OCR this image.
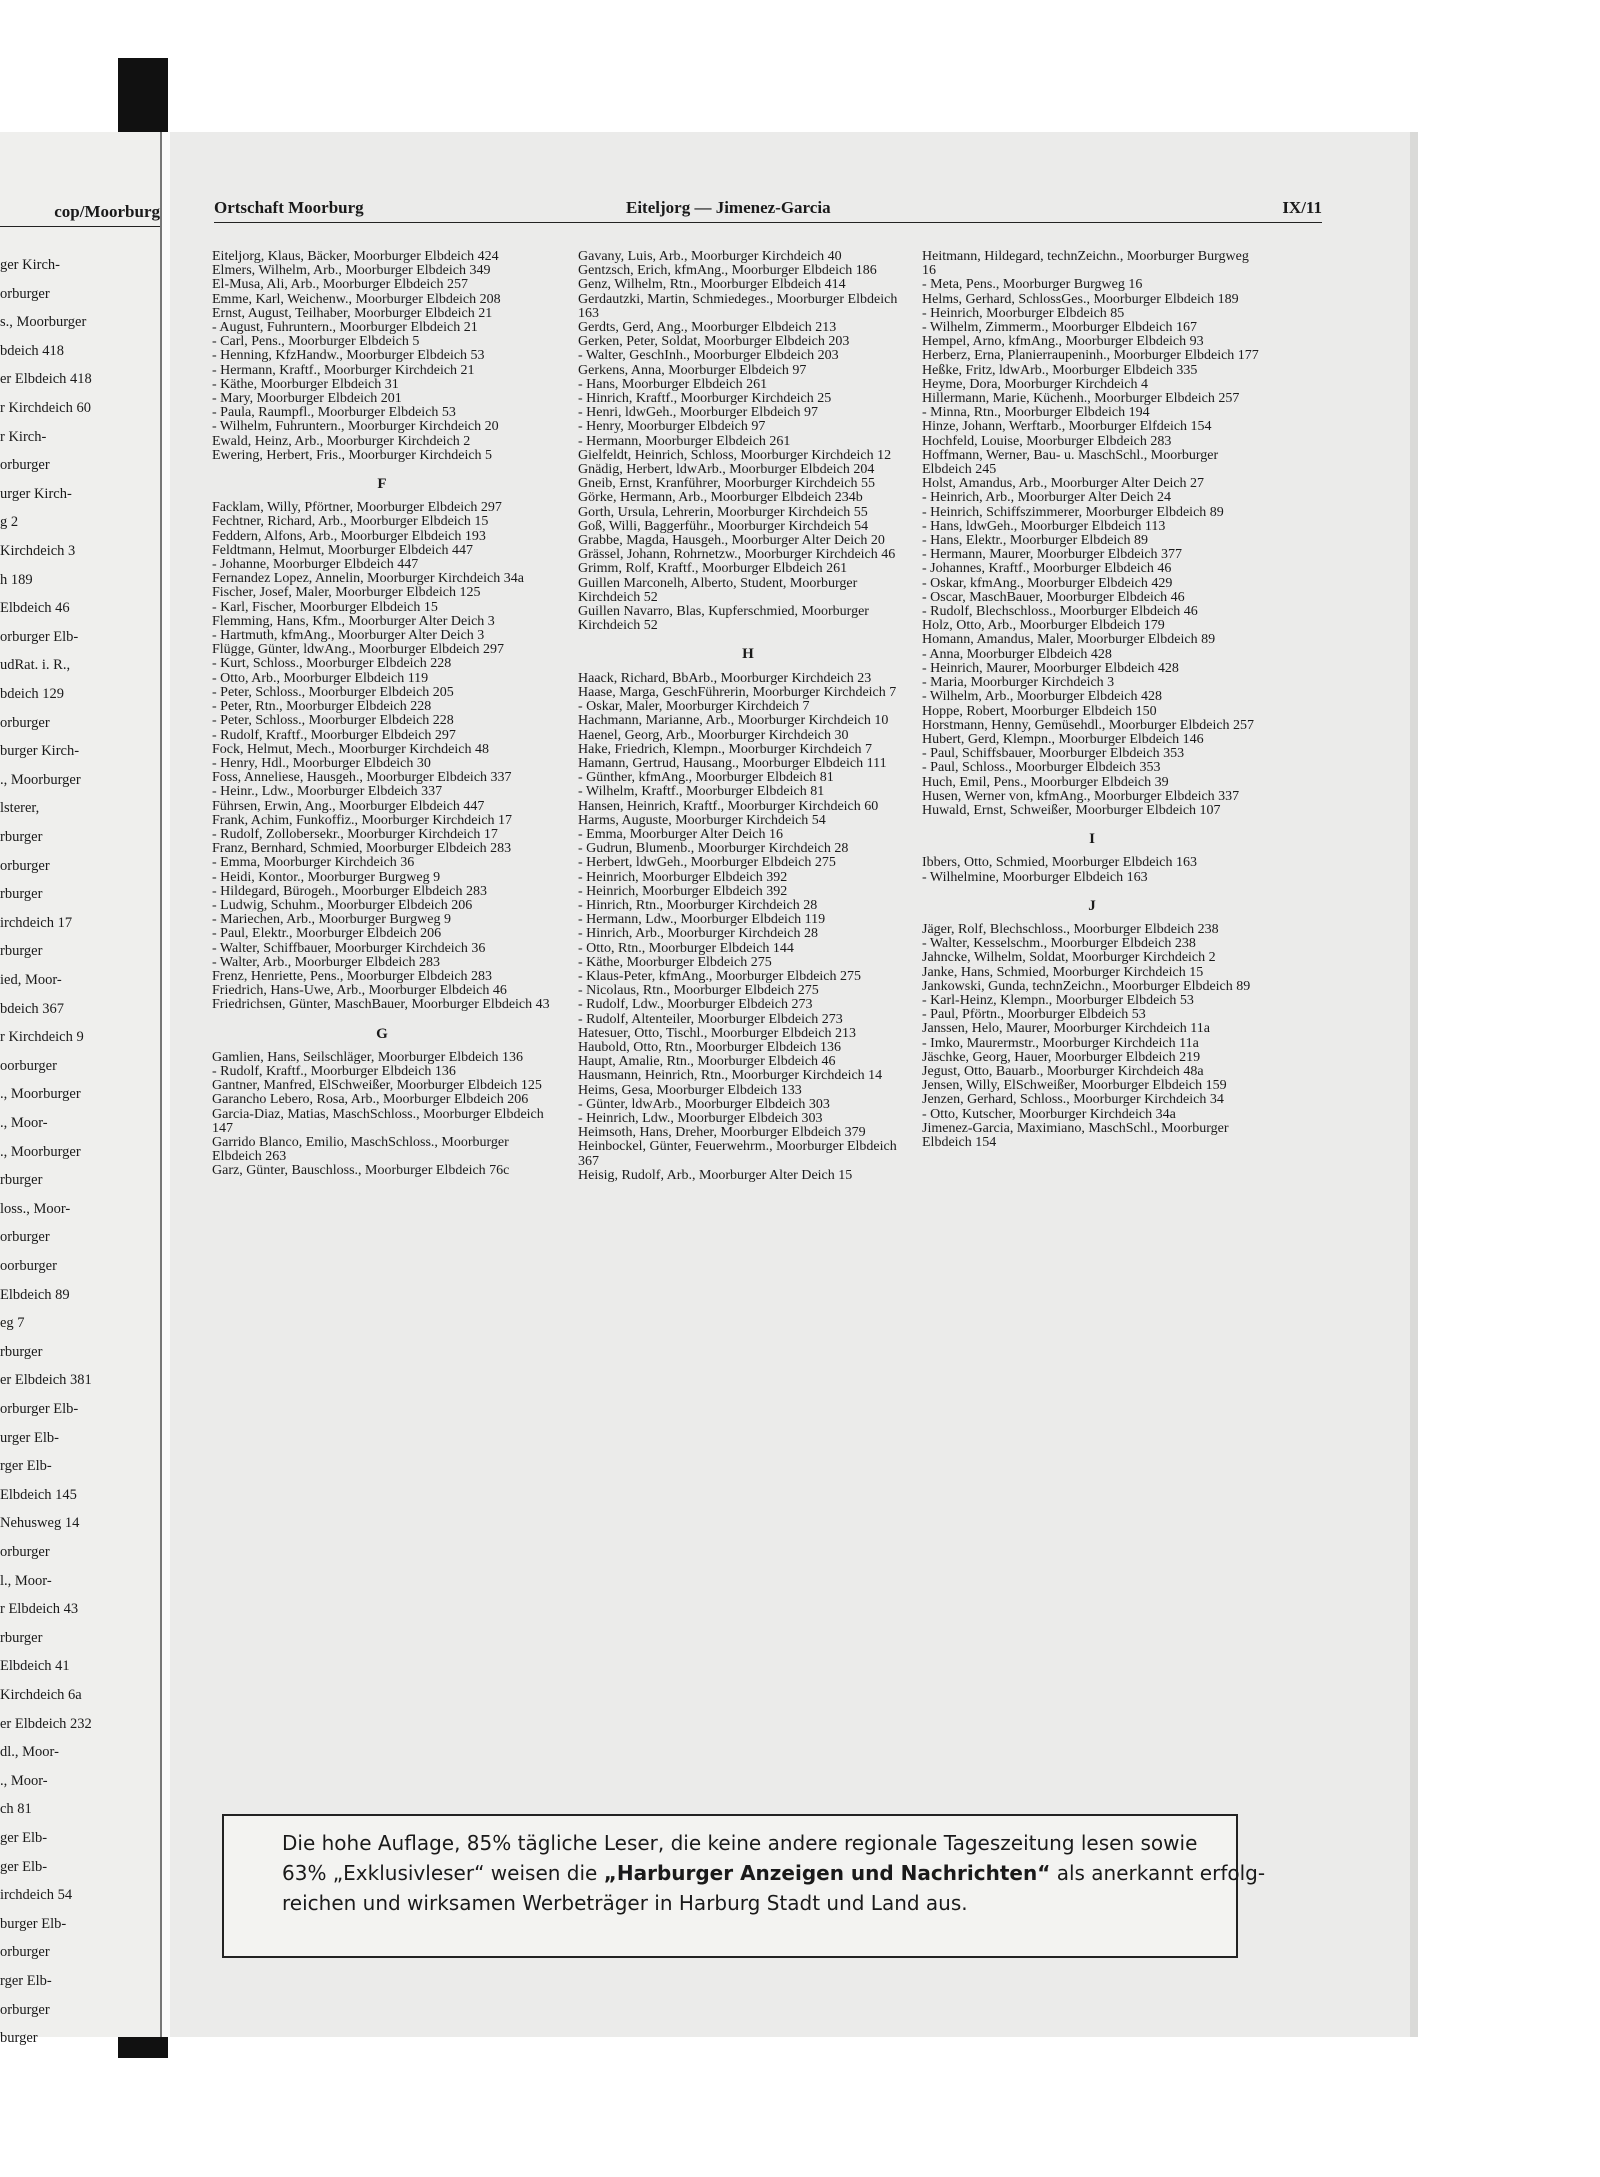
cop/Moorburg
ger Kirch-
orburger
s., Moorburger
bdeich 418
er Elbdeich 418
r Kirchdeich 60
r Kirch-
orburger
urger Kirch-
g 2
Kirchdeich 3
h 189
Elbdeich 46
orburger Elb-
udRat. i. R.,
bdeich 129
orburger
burger Kirch-
., Moorburger
lsterer,
rburger
orburger
rburger
irchdeich 17
rburger
ied, Moor-
bdeich 367
r Kirchdeich 9
oorburger
., Moorburger
., Moor-
., Moorburger
rburger
loss., Moor-
orburger
oorburger
Elbdeich 89
eg 7
rburger
er Elbdeich 381
orburger Elb-
urger Elb-
rger Elb-
Elbdeich 145
Nehusweg 14
orburger
l., Moor-
r Elbdeich 43
rburger
Elbdeich 41
Kirchdeich 6a
er Elbdeich 232
dl., Moor-
., Moor-
ch 81
ger Elb-
ger Elb-
irchdeich 54
burger Elb-
orburger
rger Elb-
orburger
burger
Ortschaft Moorburg	Eiteljorg — Jimenez-Garcia	IX/11
Eiteljorg, Klaus, Bäcker, Moorburger Elbdeich 424
Elmers, Wilhelm, Arb., Moorburger Elbdeich 349
El-Musa, Ali, Arb., Moorburger Elbdeich 257
Emme, Karl, Weichenw., Moorburger Elbdeich 208
Ernst, August, Teilhaber, Moorburger Elbdeich 21
- August, Fuhruntern., Moorburger Elbdeich 21
- Carl, Pens., Moorburger Elbdeich 5
- Henning, KfzHandw., Moorburger Elbdeich 53
- Hermann, Kraftf., Moorburger Kirchdeich 21
- Käthe, Moorburger Elbdeich 31
- Mary, Moorburger Elbdeich 201
- Paula, Raumpfl., Moorburger Elbdeich 53
- Wilhelm, Fuhruntern., Moorburger Kirchdeich 20
Ewald, Heinz, Arb., Moorburger Kirchdeich 2
Ewering, Herbert, Fris., Moorburger Kirchdeich 5
F
Facklam, Willy, Pförtner, Moorburger Elbdeich 297
Fechtner, Richard, Arb., Moorburger Elbdeich 15
Feddern, Alfons, Arb., Moorburger Elbdeich 193
Feldtmann, Helmut, Moorburger Elbdeich 447
- Johanne, Moorburger Elbdeich 447
Fernandez Lopez, Annelin, Moorburger Kirchdeich 34a
Fischer, Josef, Maler, Moorburger Elbdeich 125
- Karl, Fischer, Moorburger Elbdeich 15
Flemming, Hans, Kfm., Moorburger Alter Deich 3
- Hartmuth, kfmAng., Moorburger Alter Deich 3
Flügge, Günter, ldwAng., Moorburger Elbdeich 297
- Kurt, Schloss., Moorburger Elbdeich 228
- Otto, Arb., Moorburger Elbdeich 119
- Peter, Schloss., Moorburger Elbdeich 205
- Peter, Rtn., Moorburger Elbdeich 228
- Peter, Schloss., Moorburger Elbdeich 228
- Rudolf, Kraftf., Moorburger Elbdeich 297
Fock, Helmut, Mech., Moorburger Kirchdeich 48
- Henry, Hdl., Moorburger Elbdeich 30
Foss, Anneliese, Hausgeh., Moorburger Elbdeich 337
- Heinr., Ldw., Moorburger Elbdeich 337
Führsen, Erwin, Ang., Moorburger Elbdeich 447
Frank, Achim, Funkoffiz., Moorburger Kirchdeich 17
- Rudolf, Zollobersekr., Moorburger Kirchdeich 17
Franz, Bernhard, Schmied, Moorburger Elbdeich 283
- Emma, Moorburger Kirchdeich 36
- Heidi, Kontor., Moorburger Burgweg 9
- Hildegard, Bürogeh., Moorburger Elbdeich 283
- Ludwig, Schuhm., Moorburger Elbdeich 206
- Mariechen, Arb., Moorburger Burgweg 9
- Paul, Elektr., Moorburger Elbdeich 206
- Walter, Schiffbauer, Moorburger Kirchdeich 36
- Walter, Arb., Moorburger Elbdeich 283
Frenz, Henriette, Pens., Moorburger Elbdeich 283
Friedrich, Hans-Uwe, Arb., Moorburger Elbdeich 46
Friedrichsen, Günter, MaschBauer, Moorburger Elbdeich 43
G
Gamlien, Hans, Seilschläger, Moorburger Elbdeich 136
- Rudolf, Kraftf., Moorburger Elbdeich 136
Gantner, Manfred, ElSchweißer, Moorburger Elbdeich 125
Garancho Lebero, Rosa, Arb., Moorburger Elbdeich 206
Garcia-Diaz, Matias, MaschSchloss., Moorburger Elbdeich 147
Garrido Blanco, Emilio, MaschSchloss., Moorburger Elbdeich 263
Garz, Günter, Bauschloss., Moorburger Elbdeich 76c
Gavany, Luis, Arb., Moorburger Kirchdeich 40
Gentzsch, Erich, kfmAng., Moorburger Elbdeich 186
Genz, Wilhelm, Rtn., Moorburger Elbdeich 414
Gerdautzki, Martin, Schmiedeges., Moorburger Elbdeich 163
Gerdts, Gerd, Ang., Moorburger Elbdeich 213
Gerken, Peter, Soldat, Moorburger Elbdeich 203
- Walter, GeschInh., Moorburger Elbdeich 203
Gerkens, Anna, Moorburger Elbdeich 97
- Hans, Moorburger Elbdeich 261
- Hinrich, Kraftf., Moorburger Kirchdeich 25
- Henri, ldwGeh., Moorburger Elbdeich 97
- Henry, Moorburger Elbdeich 97
- Hermann, Moorburger Elbdeich 261
Gielfeldt, Heinrich, Schloss, Moorburger Kirchdeich 12
Gnädig, Herbert, ldwArb., Moorburger Elbdeich 204
Gneib, Ernst, Kranführer, Moorburger Kirchdeich 55
Görke, Hermann, Arb., Moorburger Elbdeich 234b
Gorth, Ursula, Lehrerin, Moorburger Kirchdeich 55
Goß, Willi, Baggerführ., Moorburger Kirchdeich 54
Grabbe, Magda, Hausgeh., Moorburger Alter Deich 20
Grässel, Johann, Rohrnetzw., Moorburger Kirchdeich 46
Grimm, Rolf, Kraftf., Moorburger Elbdeich 261
Guillen Marconelh, Alberto, Student, Moorburger Kirchdeich 52
Guillen Navarro, Blas, Kupferschmied, Moorburger Kirchdeich 52
H
Haack, Richard, BbArb., Moorburger Kirchdeich 23
Haase, Marga, GeschFührerin, Moorburger Kirchdeich 7
- Oskar, Maler, Moorburger Kirchdeich 7
Hachmann, Marianne, Arb., Moorburger Kirchdeich 10
Haenel, Georg, Arb., Moorburger Kirchdeich 30
Hake, Friedrich, Klempn., Moorburger Kirchdeich 7
Hamann, Gertrud, Hausang., Moorburger Elbdeich 111
- Günther, kfmAng., Moorburger Elbdeich 81
- Wilhelm, Kraftf., Moorburger Elbdeich 81
Hansen, Heinrich, Kraftf., Moorburger Kirchdeich 60
Harms, Auguste, Moorburger Kirchdeich 54
- Emma, Moorburger Alter Deich 16
- Gudrun, Blumenb., Moorburger Kirchdeich 28
- Herbert, ldwGeh., Moorburger Elbdeich 275
- Heinrich, Moorburger Elbdeich 392
- Heinrich, Moorburger Elbdeich 392
- Hinrich, Rtn., Moorburger Kirchdeich 28
- Hermann, Ldw., Moorburger Elbdeich 119
- Hinrich, Arb., Moorburger Kirchdeich 28
- Otto, Rtn., Moorburger Elbdeich 144
- Käthe, Moorburger Elbdeich 275
- Klaus-Peter, kfmAng., Moorburger Elbdeich 275
- Nicolaus, Rtn., Moorburger Elbdeich 275
- Rudolf, Ldw., Moorburger Elbdeich 273
- Rudolf, Altenteiler, Moorburger Elbdeich 273
Hatesuer, Otto, Tischl., Moorburger Elbdeich 213
Haubold, Otto, Rtn., Moorburger Elbdeich 136
Haupt, Amalie, Rtn., Moorburger Elbdeich 46
Hausmann, Heinrich, Rtn., Moorburger Kirchdeich 14
Heims, Gesa, Moorburger Elbdeich 133
- Günter, ldwArb., Moorburger Elbdeich 303
- Heinrich, Ldw., Moorburger Elbdeich 303
Heimsoth, Hans, Dreher, Moorburger Elbdeich 379
Heinbockel, Günter, Feuerwehrm., Moorburger Elbdeich 367
Heisig, Rudolf, Arb., Moorburger Alter Deich 15
Heitmann, Hildegard, technZeichn., Moorburger Burgweg 16
- Meta, Pens., Moorburger Burgweg 16
Helms, Gerhard, SchlossGes., Moorburger Elbdeich 189
- Heinrich, Moorburger Elbdeich 85
- Wilhelm, Zimmerm., Moorburger Elbdeich 167
Hempel, Arno, kfmAng., Moorburger Elbdeich 93
Herberz, Erna, Planierraupeninh., Moorburger Elbdeich 177
Heßke, Fritz, ldwArb., Moorburger Elbdeich 335
Heyme, Dora, Moorburger Kirchdeich 4
Hillermann, Marie, Küchenh., Moorburger Elbdeich 257
- Minna, Rtn., Moorburger Elbdeich 194
Hinze, Johann, Werftarb., Moorburger Elfdeich 154
Hochfeld, Louise, Moorburger Elbdeich 283
Hoffmann, Werner, Bau- u. MaschSchl., Moorburger Elbdeich 245
Holst, Amandus, Arb., Moorburger Alter Deich 27
- Heinrich, Arb., Moorburger Alter Deich 24
- Heinrich, Schiffszimmerer, Moorburger Elbdeich 89
- Hans, ldwGeh., Moorburger Elbdeich 113
- Hans, Elektr., Moorburger Elbdeich 89
- Hermann, Maurer, Moorburger Elbdeich 377
- Johannes, Kraftf., Moorburger Elbdeich 46
- Oskar, kfmAng., Moorburger Elbdeich 429
- Oscar, MaschBauer, Moorburger Elbdeich 46
- Rudolf, Blechschloss., Moorburger Elbdeich 46
Holz, Otto, Arb., Moorburger Elbdeich 179
Homann, Amandus, Maler, Moorburger Elbdeich 89
- Anna, Moorburger Elbdeich 428
- Heinrich, Maurer, Moorburger Elbdeich 428
- Maria, Moorburger Kirchdeich 3
- Wilhelm, Arb., Moorburger Elbdeich 428
Hoppe, Robert, Moorburger Elbdeich 150
Horstmann, Henny, Gemüsehdl., Moorburger Elbdeich 257
Hubert, Gerd, Klempn., Moorburger Elbdeich 146
- Paul, Schiffsbauer, Moorburger Elbdeich 353
- Paul, Schloss., Moorburger Elbdeich 353
Huch, Emil, Pens., Moorburger Elbdeich 39
Husen, Werner von, kfmAng., Moorburger Elbdeich 337
Huwald, Ernst, Schweißer, Moorburger Elbdeich 107
I
Ibbers, Otto, Schmied, Moorburger Elbdeich 163
- Wilhelmine, Moorburger Elbdeich 163
J
Jäger, Rolf, Blechschloss., Moorburger Elbdeich 238
- Walter, Kesselschm., Moorburger Elbdeich 238
Jahncke, Wilhelm, Soldat, Moorburger Kirchdeich 2
Janke, Hans, Schmied, Moorburger Kirchdeich 15
Jankowski, Gunda, technZeichn., Moorburger Elbdeich 89
- Karl-Heinz, Klempn., Moorburger Elbdeich 53
- Paul, Pförtn., Moorburger Elbdeich 53
Janssen, Helo, Maurer, Moorburger Kirchdeich 11a
- Imko, Maurermstr., Moorburger Kirchdeich 11a
Jäschke, Georg, Hauer, Moorburger Elbdeich 219
Jegust, Otto, Bauarb., Moorburger Kirchdeich 48a
Jensen, Willy, ElSchweißer, Moorburger Elbdeich 159
Jenzen, Gerhard, Schloss., Moorburger Kirchdeich 34
- Otto, Kutscher, Moorburger Kirchdeich 34a
Jimenez-Garcia, Maximiano, MaschSchl., Moorburger Elbdeich 154
Die hohe Auflage, 85% tägliche Leser, die keine andere regionale Tageszeitung lesen sowie
63% „Exklusivleser“ weisen die „Harburger Anzeigen und Nachrichten“ als anerkannt erfolg-
reichen und wirksamen Werbeträger in Harburg Stadt und Land aus.
